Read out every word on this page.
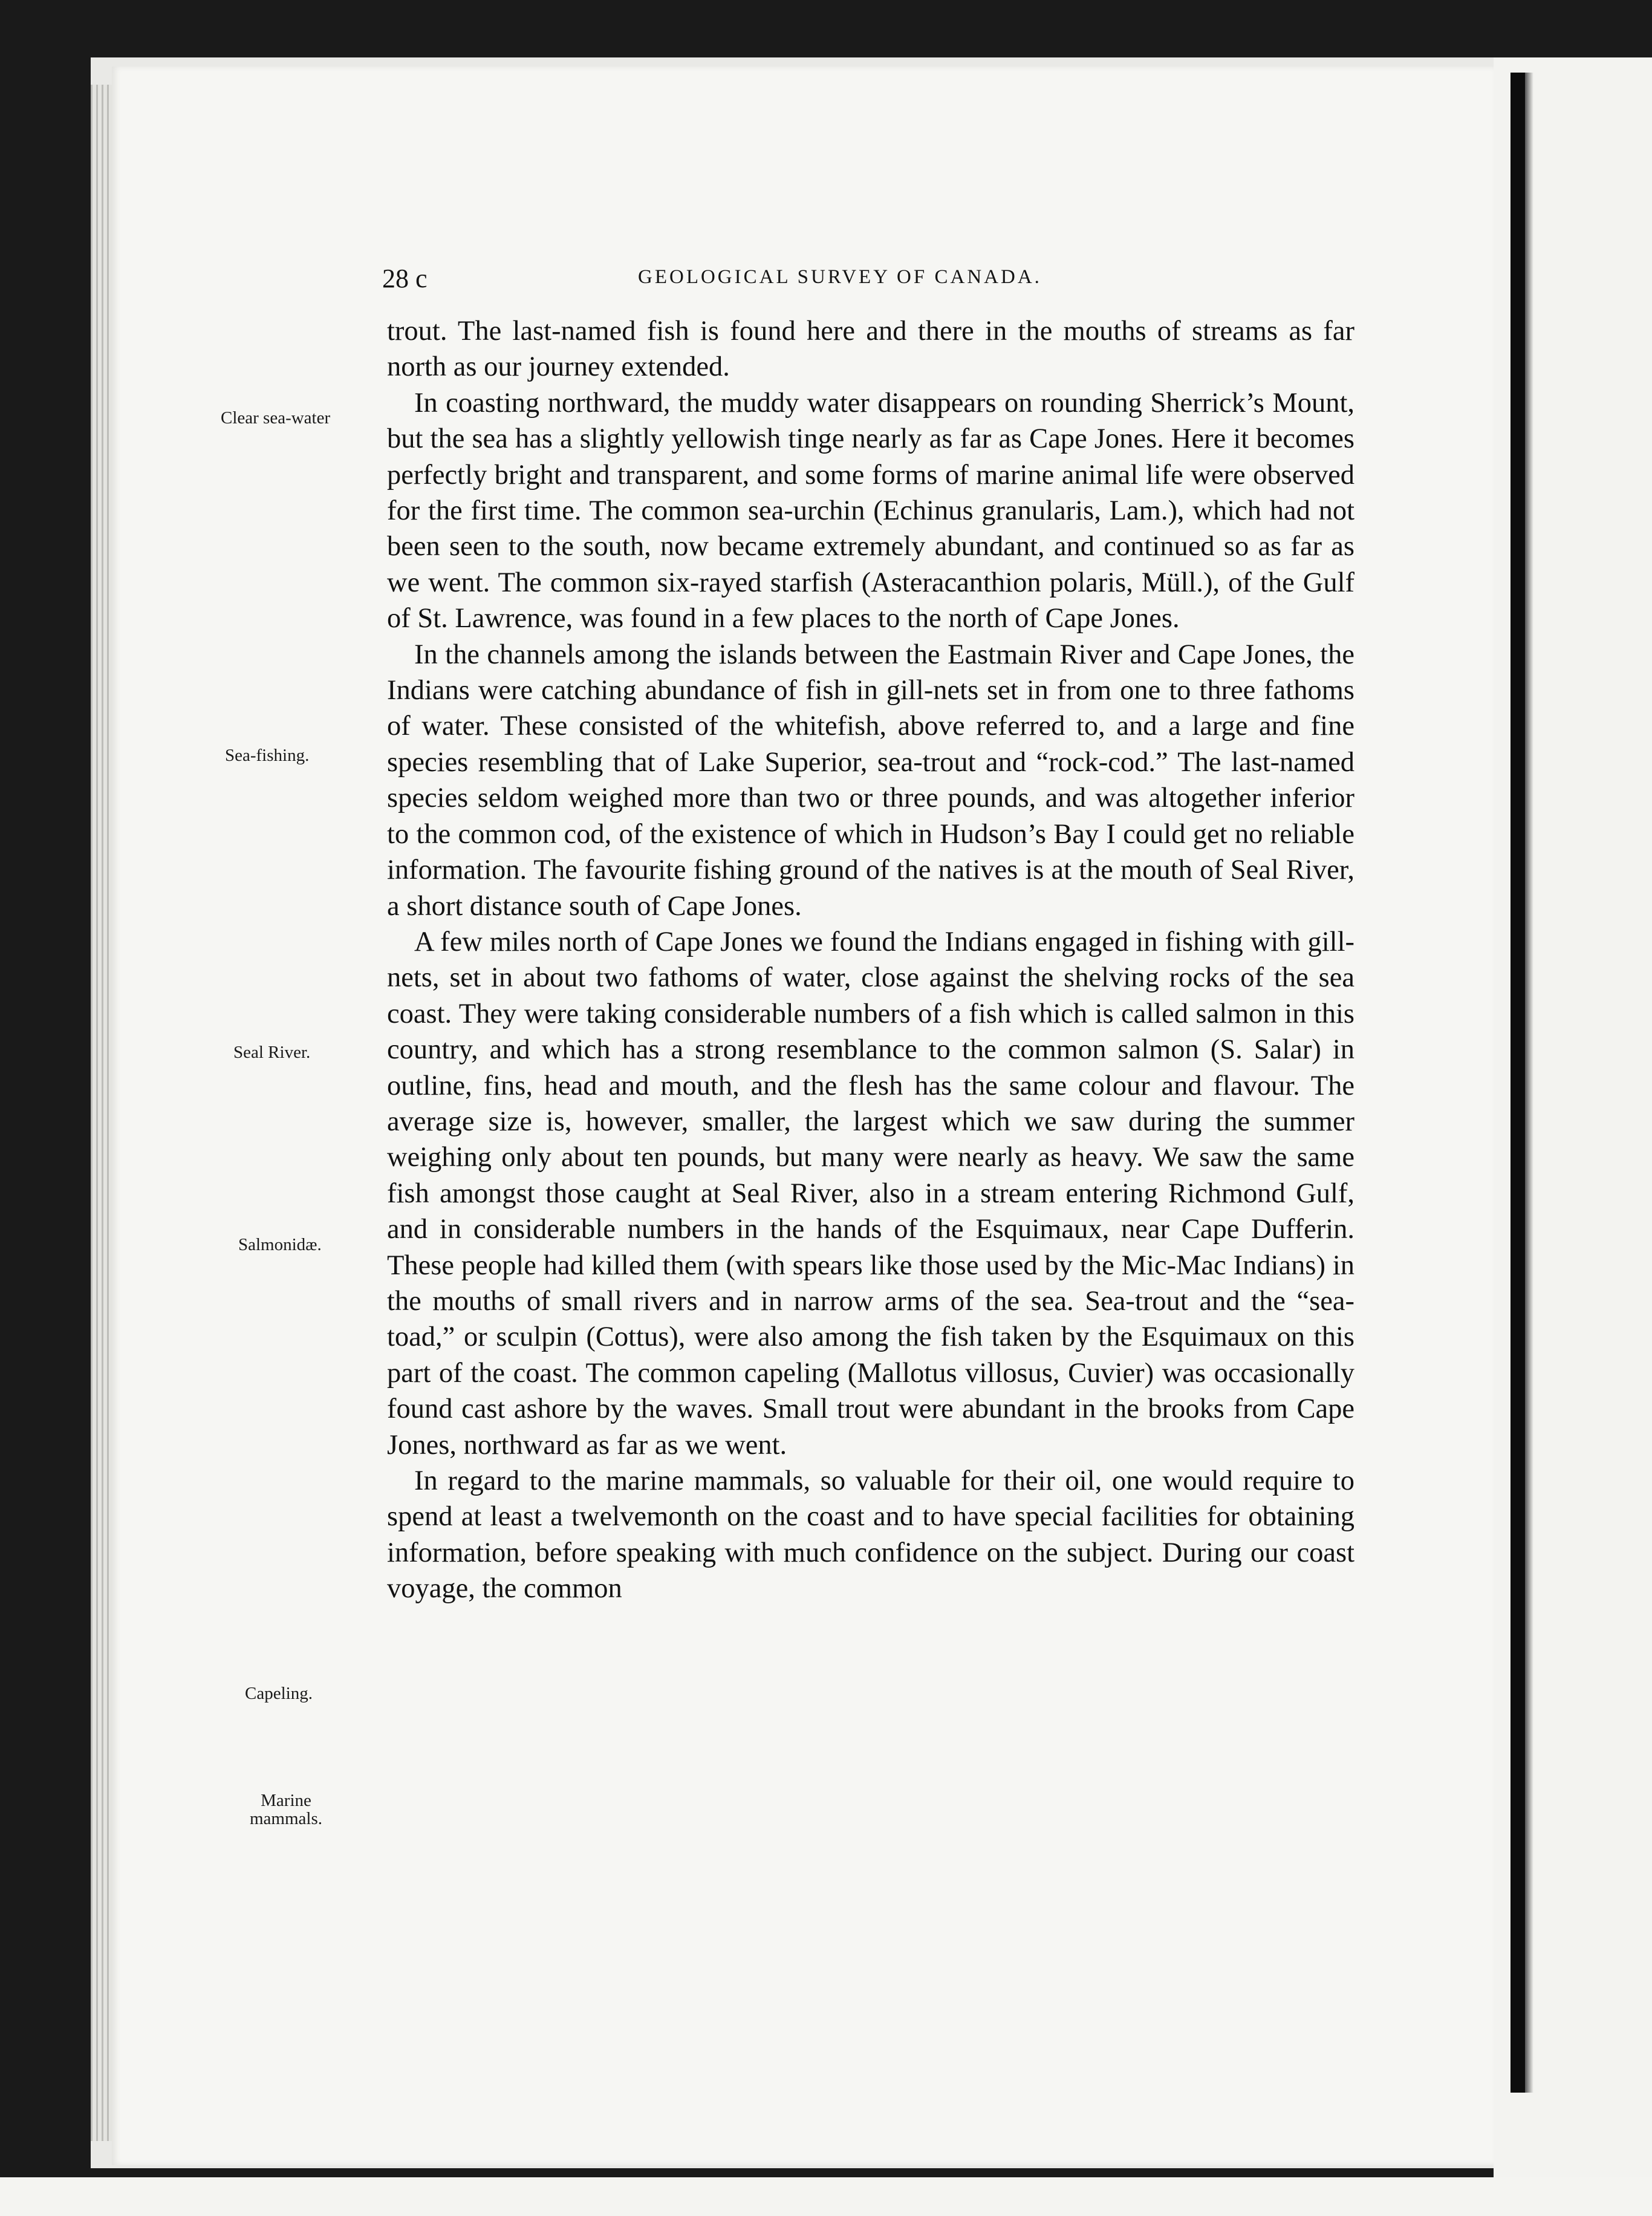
28 c	GEOLOGICAL SURVEY OF CANADA.
Clear sea-water
Sea-fishing.
Seal River.
Salmonidæ.
Capeling.
Marine
mammals.

trout. The last-named fish is found here and there in the mouths of streams as far north as our journey extended.

In coasting northward, the muddy water disappears on rounding Sherrick’s Mount, but the sea has a slightly yellowish tinge nearly as far as Cape Jones. Here it becomes perfectly bright and transparent, and some forms of marine animal life were observed for the first time. The common sea-urchin (Echinus granularis, Lam.), which had not been seen to the south, now became extremely abundant, and continued so as far as we went. The common six-rayed starfish (Asteracanthion polaris, Müll.), of the Gulf of St. Lawrence, was found in a few places to the north of Cape Jones.

In the channels among the islands between the Eastmain River and Cape Jones, the Indians were catching abundance of fish in gill-nets set in from one to three fathoms of water. These consisted of the whitefish, above referred to, and a large and fine species resembling that of Lake Superior, sea-trout and “rock-cod.” The last-named species seldom weighed more than two or three pounds, and was altogether inferior to the common cod, of the existence of which in Hudson’s Bay I could get no reliable information. The favourite fishing ground of the natives is at the mouth of Seal River, a short distance south of Cape Jones.

A few miles north of Cape Jones we found the Indians engaged in fishing with gill-nets, set in about two fathoms of water, close against the shelving rocks of the sea coast. They were taking considerable numbers of a fish which is called salmon in this country, and which has a strong resemblance to the common salmon (S. Salar) in outline, fins, head and mouth, and the flesh has the same colour and flavour. The average size is, however, smaller, the largest which we saw during the summer weighing only about ten pounds, but many were nearly as heavy. We saw the same fish amongst those caught at Seal River, also in a stream entering Richmond Gulf, and in considerable numbers in the hands of the Esquimaux, near Cape Dufferin. These people had killed them (with spears like those used by the Mic-Mac Indians) in the mouths of small rivers and in narrow arms of the sea. Sea-trout and the “sea-toad,” or sculpin (Cottus), were also among the fish taken by the Esquimaux on this part of the coast. The common capeling (Mallotus villosus, Cuvier) was occasionally found cast ashore by the waves. Small trout were abundant in the brooks from Cape Jones, northward as far as we went.

In regard to the marine mammals, so valuable for their oil, one would require to spend at least a twelvemonth on the coast and to have special facilities for obtaining information, before speaking with much confidence on the subject. During our coast voyage, the common
